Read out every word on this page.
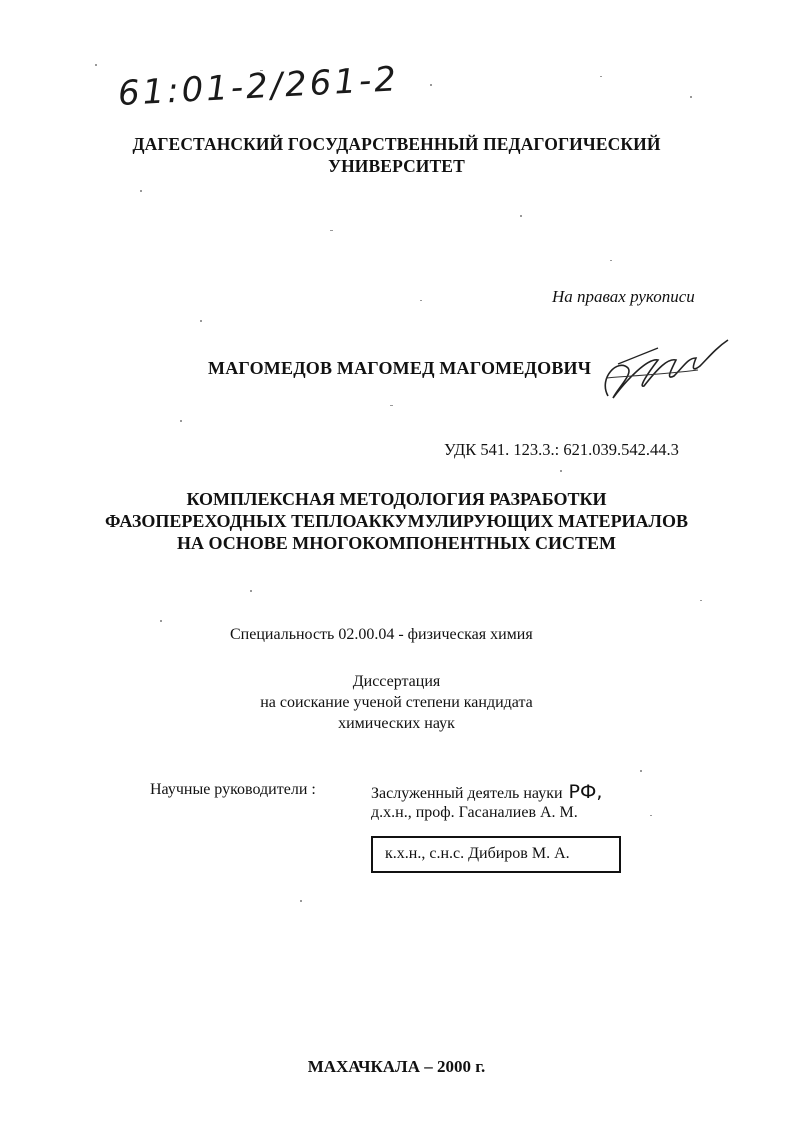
61:01-2/261-2
ДАГЕСТАНСКИЙ ГОСУДАРСТВЕННЫЙ ПЕДАГОГИЧЕСКИЙ
УНИВЕРСИТЕТ
На правах рукописи
МАГОМЕДОВ МАГОМЕД МАГОМЕДОВИЧ
УДК 541. 123.3.: 621.039.542.44.3
КОМПЛЕКСНАЯ МЕТОДОЛОГИЯ РАЗРАБОТКИ
ФАЗОПЕРЕХОДНЫХ ТЕПЛОАККУМУЛИРУЮЩИХ МАТЕРИАЛОВ
НА ОСНОВЕ МНОГОКОМПОНЕНТНЫХ СИСТЕМ
Специальность 02.00.04 - физическая химия
Диссертация
на соискание ученой степени кандидата
химических наук
Научные руководители :	Заслуженный деятель науки РФ,
д.х.н., проф. Гасаналиев А. М.
к.х.н., с.н.с. Дибиров М. А.
МАХАЧКАЛА – 2000 г.
